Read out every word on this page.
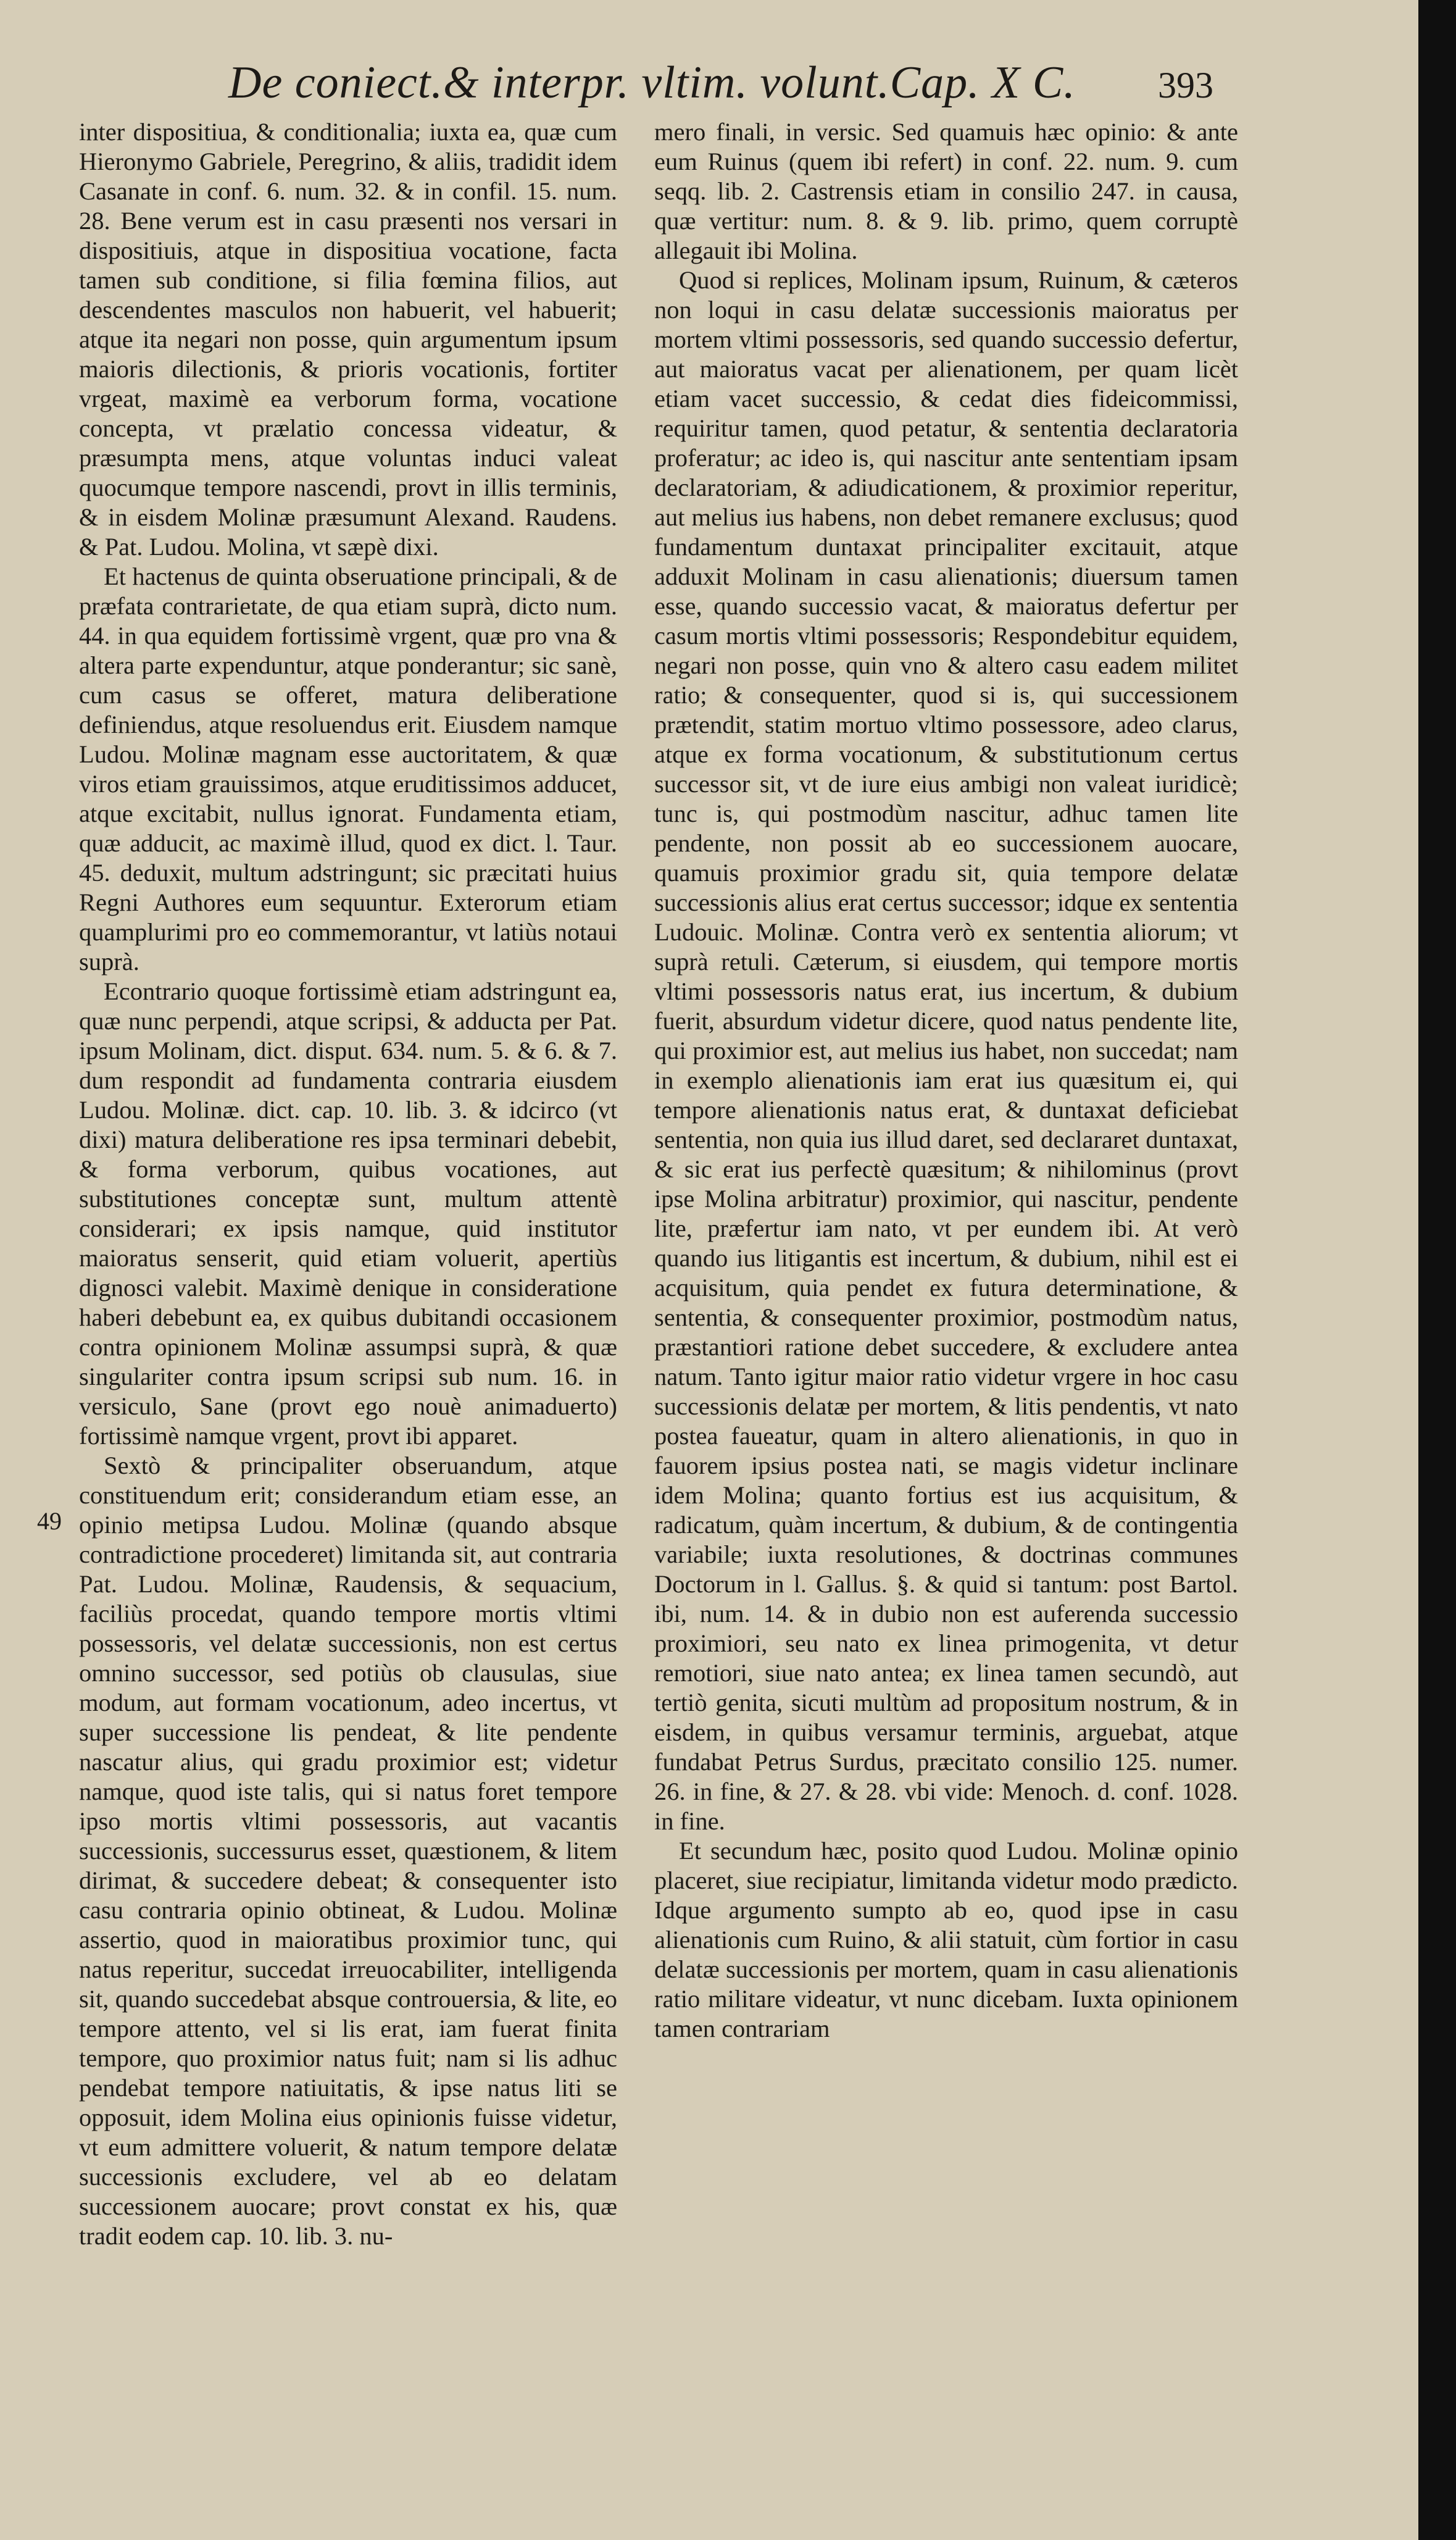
De coniect.& interpr. vltim. volunt.Cap. X C. 393
49

inter dispositiua, & conditionalia; iuxta ea, quæ cum Hieronymo Gabriele, Peregrino, & aliis, tradidit idem Casanate in conf. 6. num. 32. & in confil. 15. num. 28. Bene verum est in casu præsenti nos versari in dispositiuis, atque in dispositiua vocatione, facta tamen sub conditione, si filia fœmina filios, aut descendentes masculos non habuerit, vel habuerit; atque ita negari non posse, quin argumentum ipsum maioris dilectionis, & prioris vocationis, fortiter vrgeat, maximè ea verborum forma, vocatione concepta, vt prælatio concessa videatur, & præsumpta mens, atque voluntas induci valeat quocumque tempore nascendi, provt in illis terminis, & in eisdem Molinæ præsumunt Alexand. Raudens. & Pat. Ludou. Molina, vt sæpè dixi.

Et hactenus de quinta obseruatione principali, & de præfata contrarietate, de qua etiam suprà, dicto num. 44. in qua equidem fortissimè vrgent, quæ pro vna & altera parte expenduntur, atque ponderantur; sic sanè, cum casus se offeret, matura deliberatione definiendus, atque resoluendus erit. Eiusdem namque Ludou. Molinæ magnam esse auctoritatem, & quæ viros etiam grauissimos, atque eruditissimos adducet, atque excitabit, nullus ignorat. Fundamenta etiam, quæ adducit, ac maximè illud, quod ex dict. l. Taur. 45. deduxit, multum adstringunt; sic præcitati huius Regni Authores eum sequuntur. Exterorum etiam quamplurimi pro eo commemorantur, vt latiùs notaui suprà.

Econtrario quoque fortissimè etiam adstringunt ea, quæ nunc perpendi, atque scripsi, & adducta per Pat. ipsum Molinam, dict. disput. 634. num. 5. & 6. & 7. dum respondit ad fundamenta contraria eiusdem Ludou. Molinæ. dict. cap. 10. lib. 3. & idcirco (vt dixi) matura deliberatione res ipsa terminari debebit, & forma verborum, quibus vocationes, aut substitutiones conceptæ sunt, multum attentè considerari; ex ipsis namque, quid institutor maioratus senserit, quid etiam voluerit, apertiùs dignosci valebit. Maximè denique in consideratione haberi debebunt ea, ex quibus dubitandi occasionem contra opinionem Molinæ assumpsi suprà, & quæ singulariter contra ipsum scripsi sub num. 16. in versiculo, Sane (provt ego nouè animaduerto) fortissimè namque vrgent, provt ibi apparet.

Sextò & principaliter obseruandum, atque constituendum erit; considerandum etiam esse, an opinio metipsa Ludou. Molinæ (quando absque contradictione procederet) limitanda sit, aut contraria Pat. Ludou. Molinæ, Raudensis, & sequacium, faciliùs procedat, quando tempore mortis vltimi possessoris, vel delatæ successionis, non est certus omnino successor, sed potiùs ob clausulas, siue modum, aut formam vocationum, adeo incertus, vt super successione lis pendeat, & lite pendente nascatur alius, qui gradu proximior est; videtur namque, quod iste talis, qui si natus foret tempore ipso mortis vltimi possessoris, aut vacantis successionis, successurus esset, quæstionem, & litem dirimat, & succedere debeat; & consequenter isto casu contraria opinio obtineat, & Ludou. Molinæ assertio, quod in maioratibus proximior tunc, qui natus reperitur, succedat irreuocabiliter, intelligenda sit, quando succedebat absque controuersia, & lite, eo tempore attento, vel si lis erat, iam fuerat finita tempore, quo proximior natus fuit; nam si lis adhuc pendebat tempore natiuitatis, & ipse natus liti se opposuit, idem Molina eius opinionis fuisse videtur, vt eum admittere voluerit, & natum tempore delatæ successionis excludere, vel ab eo delatam successionem auocare; provt constat ex his, quæ tradit eodem cap. 10. lib. 3. nu-

mero finali, in versic. Sed quamuis hæc opinio: & ante eum Ruinus (quem ibi refert) in conf. 22. num. 9. cum seqq. lib. 2. Castrensis etiam in consilio 247. in causa, quæ vertitur: num. 8. & 9. lib. primo, quem corruptè allegauit ibi Molina.

Quod si replices, Molinam ipsum, Ruinum, & cæteros non loqui in casu delatæ successionis maioratus per mortem vltimi possessoris, sed quando successio defertur, aut maioratus vacat per alienationem, per quam licèt etiam vacet successio, & cedat dies fideicommissi, requiritur tamen, quod petatur, & sententia declaratoria proferatur; ac ideo is, qui nascitur ante sententiam ipsam declaratoriam, & adiudicationem, & proximior reperitur, aut melius ius habens, non debet remanere exclusus; quod fundamentum duntaxat principaliter excitauit, atque adduxit Molinam in casu alienationis; diuersum tamen esse, quando successio vacat, & maioratus defertur per casum mortis vltimi possessoris; Respondebitur equidem, negari non posse, quin vno & altero casu eadem militet ratio; & consequenter, quod si is, qui successionem prætendit, statim mortuo vltimo possessore, adeo clarus, atque ex forma vocationum, & substitutionum certus successor sit, vt de iure eius ambigi non valeat iuridicè; tunc is, qui postmodùm nascitur, adhuc tamen lite pendente, non possit ab eo successionem auocare, quamuis proximior gradu sit, quia tempore delatæ successionis alius erat certus successor; idque ex sententia Ludouic. Molinæ. Contra verò ex sententia aliorum; vt suprà retuli. Cæterum, si eiusdem, qui tempore mortis vltimi possessoris natus erat, ius incertum, & dubium fuerit, absurdum videtur dicere, quod natus pendente lite, qui proximior est, aut melius ius habet, non succedat; nam in exemplo alienationis iam erat ius quæsitum ei, qui tempore alienationis natus erat, & duntaxat deficiebat sententia, non quia ius illud daret, sed declararet duntaxat, & sic erat ius perfectè quæsitum; & nihilominus (provt ipse Molina arbitratur) proximior, qui nascitur, pendente lite, præfertur iam nato, vt per eundem ibi. At verò quando ius litigantis est incertum, & dubium, nihil est ei acquisitum, quia pendet ex futura determinatione, & sententia, & consequenter proximior, postmodùm natus, præstantiori ratione debet succedere, & excludere antea natum. Tanto igitur maior ratio videtur vrgere in hoc casu successionis delatæ per mortem, & litis pendentis, vt nato postea faueatur, quam in altero alienationis, in quo in fauorem ipsius postea nati, se magis videtur inclinare idem Molina; quanto fortius est ius acquisitum, & radicatum, quàm incertum, & dubium, & de contingentia variabile; iuxta resolutiones, & doctrinas communes Doctorum in l. Gallus. §. & quid si tantum: post Bartol. ibi, num. 14. & in dubio non est auferenda successio proximiori, seu nato ex linea primogenita, vt detur remotiori, siue nato antea; ex linea tamen secundò, aut tertiò genita, sicuti multùm ad propositum nostrum, & in eisdem, in quibus versamur terminis, arguebat, atque fundabat Petrus Surdus, præcitato consilio 125. numer. 26. in fine, & 27. & 28. vbi vide: Menoch. d. conf. 1028. in fine.

Et secundum hæc, posito quod Ludou. Molinæ opinio placeret, siue recipiatur, limitanda videtur modo prædicto. Idque argumento sumpto ab eo, quod ipse in casu alienationis cum Ruino, & alii statuit, cùm fortior in casu delatæ successionis per mortem, quam in casu alienationis ratio militare videatur, vt nunc dicebam. Iuxta opinionem tamen contrariam
